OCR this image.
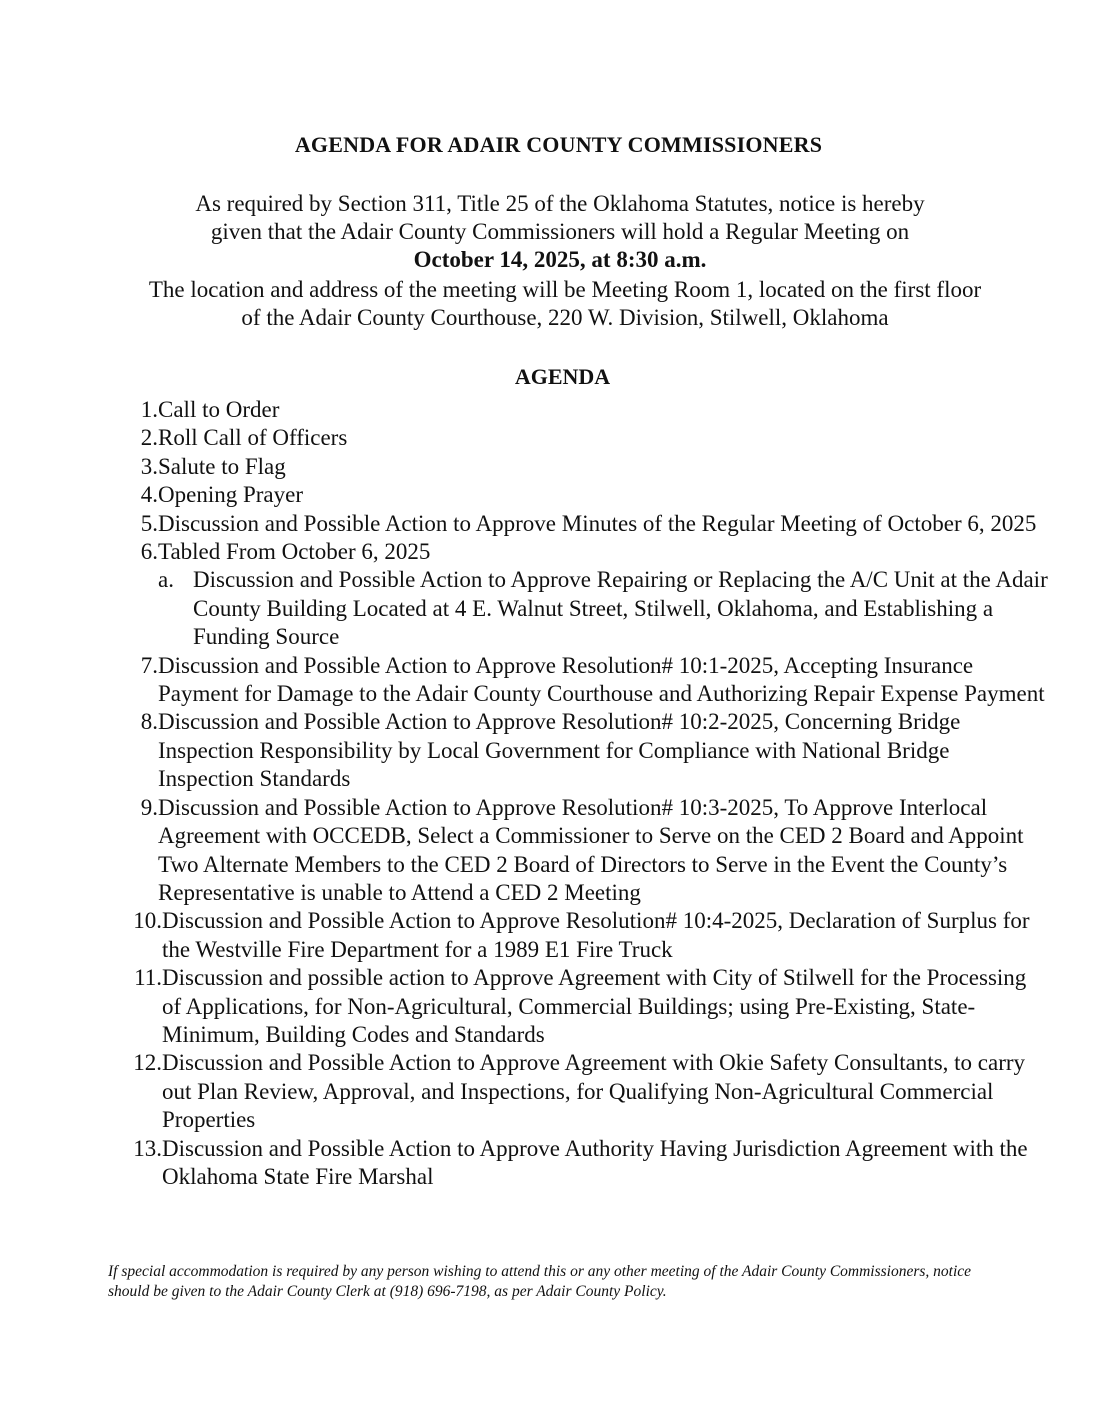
AGENDA FOR ADAIR COUNTY COMMISSIONERS

As required by Section 311, Title 25 of the Oklahoma Statutes, notice is hereby
given that the Adair County Commissioners will hold a Regular Meeting on
October 14, 2025, at 8:30 a.m.

The location and address of the meeting will be Meeting Room 1, located on the first floor
of the Adair County Courthouse, 220 W. Division, Stilwell, Oklahoma

AGENDA
1. Call to Order
2. Roll Call of Officers
3. Salute to Flag
4. Opening Prayer
5. Discussion and Possible Action to Approve Minutes of the Regular Meeting of October 6, 2025
6. Tabled From October 6, 2025
a. Discussion and Possible Action to Approve Repairing or Replacing the A/C Unit at the Adair County Building Located at 4 E. Walnut Street, Stilwell, Oklahoma, and Establishing a Funding Source
7. Discussion and Possible Action to Approve Resolution# 10:1-2025, Accepting Insurance Payment for Damage to the Adair County Courthouse and Authorizing Repair Expense Payment
8. Discussion and Possible Action to Approve Resolution# 10:2-2025, Concerning Bridge Inspection Responsibility by Local Government for Compliance with National Bridge Inspection Standards
9. Discussion and Possible Action to Approve Resolution# 10:3-2025, To Approve Interlocal Agreement with OCCEDB, Select a Commissioner to Serve on the CED 2 Board and Appoint Two Alternate Members to the CED 2 Board of Directors to Serve in the Event the County’s Representative is unable to Attend a CED 2 Meeting
10. Discussion and Possible Action to Approve Resolution# 10:4-2025, Declaration of Surplus for the Westville Fire Department for a 1989 E1 Fire Truck
11. Discussion and possible action to Approve Agreement with City of Stilwell for the Processing of Applications, for Non-Agricultural, Commercial Buildings; using Pre-Existing, State-Minimum, Building Codes and Standards
12. Discussion and Possible Action to Approve Agreement with Okie Safety Consultants, to carry out Plan Review, Approval, and Inspections, for Qualifying Non-Agricultural Commercial Properties
13. Discussion and Possible Action to Approve Authority Having Jurisdiction Agreement with the Oklahoma State Fire Marshal

If special accommodation is required by any person wishing to attend this or any other meeting of the Adair County Commissioners, notice should be given to the Adair County Clerk at (918) 696-7198, as per Adair County Policy.
